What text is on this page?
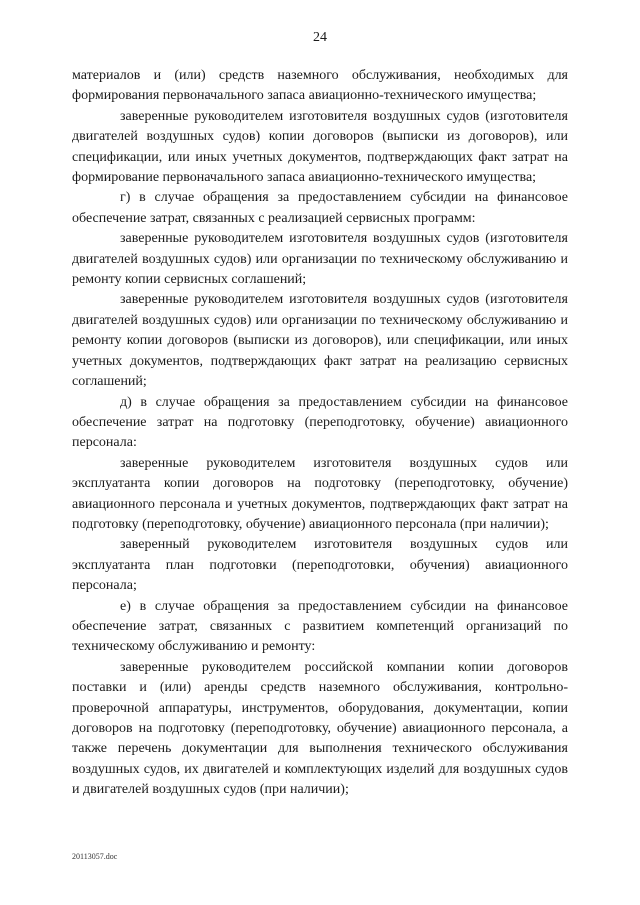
24

материалов и (или) средств наземного обслуживания, необходимых для формирования первоначального запаса авиационно-технического имущества;

заверенные руководителем изготовителя воздушных судов (изготовителя двигателей воздушных судов) копии договоров (выписки из договоров), или спецификации, или иных учетных документов, подтверждающих факт затрат на формирование первоначального запаса авиационно-технического имущества;

г) в случае обращения за предоставлением субсидии на финансовое обеспечение затрат, связанных с реализацией сервисных программ:

заверенные руководителем изготовителя воздушных судов (изготовителя двигателей воздушных судов) или организации по техническому обслуживанию и ремонту копии сервисных соглашений;

заверенные руководителем изготовителя воздушных судов (изготовителя двигателей воздушных судов) или организации по техническому обслуживанию и ремонту копии договоров (выписки из договоров), или спецификации, или иных учетных документов, подтверждающих факт затрат на реализацию сервисных соглашений;

д) в случае обращения за предоставлением субсидии на финансовое обеспечение затрат на подготовку (переподготовку, обучение) авиационного персонала:

заверенные руководителем изготовителя воздушных судов или эксплуатанта копии договоров на подготовку (переподготовку, обучение) авиационного персонала и учетных документов, подтверждающих факт затрат на подготовку (переподготовку, обучение) авиационного персонала (при наличии);

заверенный руководителем изготовителя воздушных судов или эксплуатанта план подготовки (переподготовки, обучения) авиационного персонала;

е) в случае обращения за предоставлением субсидии на финансовое обеспечение затрат, связанных с развитием компетенций организаций по техническому обслуживанию и ремонту:

заверенные руководителем российской компании копии договоров поставки и (или) аренды средств наземного обслуживания, контрольно-проверочной аппаратуры, инструментов, оборудования, документации, копии договоров на подготовку (переподготовку, обучение) авиационного персонала, а также перечень документации для выполнения технического обслуживания воздушных судов, их двигателей и комплектующих изделий для воздушных судов и двигателей воздушных судов (при наличии);

20113057.doc
